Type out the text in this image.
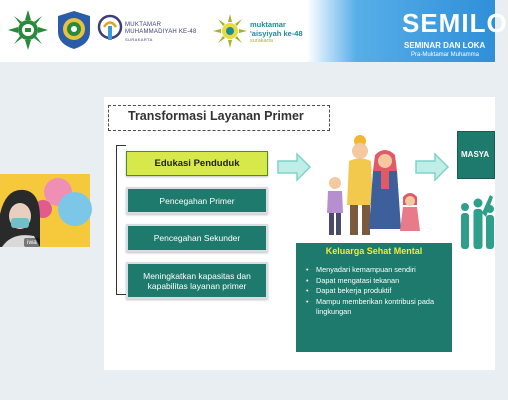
MUKTAMAR
MUHAMMADIYAH KE-48
SURAKARTA
muktamar
'aisyiyah ke-48
surakarta
SEMILO
SEMINAR DAN LOKA
Pra-Muktamar Muhamma
iwa
Transformasi Layanan Primer
Edukasi Penduduk
Pencegahan Primer
Pencegahan Sekunder
Meningkatkan kapasitas dan kapabilitas layanan primer
Keluarga Sehat Mental
• Menyadari kemampuan sendiri
• Dapat mengatasi tekanan
• Dapat bekerja produktif
• Mampu memberikan kontribusi pada lingkungan
MASYA
